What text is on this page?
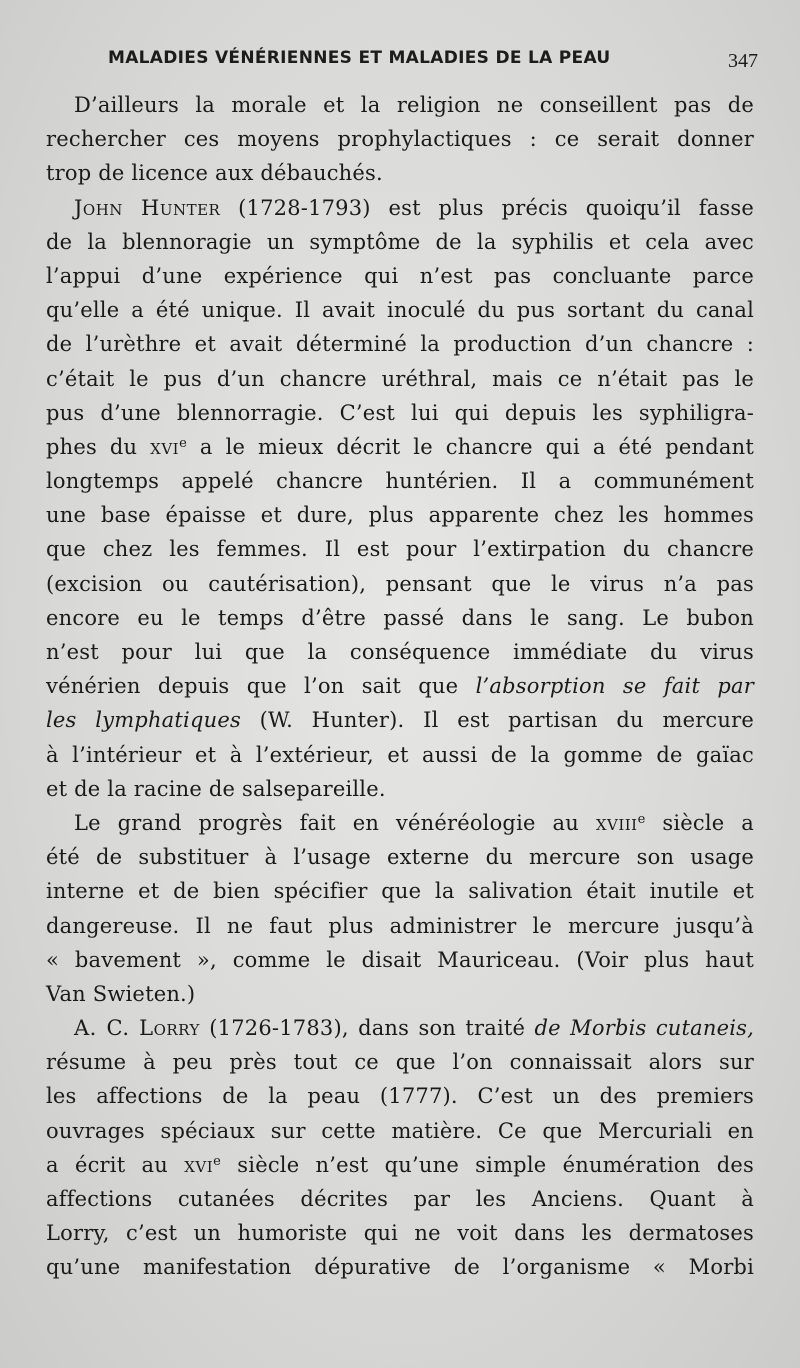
MALADIES VÉNÉRIENNES ET MALADIES DE LA PEAU	347

D’ailleurs la morale et la religion ne conseillent pas de
rechercher ces moyens prophylactiques : ce serait donner
trop de licence aux débauchés.

John Hunter (1728-1793) est plus précis quoiqu’il fasse
de la blennoragie un symptôme de la syphilis et cela avec
l’appui d’une expérience qui n’est pas concluante parce
qu’elle a été unique. Il avait inoculé du pus sortant du canal
de l’urèthre et avait déterminé la production d’un chancre :
c’était le pus d’un chancre uréthral, mais ce n’était pas le
pus d’une blennorragie. C’est lui qui depuis les syphiligra-
phes du xvi$^e$ a le mieux décrit le chancre qui a été pendant
longtemps appelé chancre huntérien. Il a communément
une base épaisse et dure, plus apparente chez les hommes
que chez les femmes. Il est pour l’extirpation du chancre
(excision ou cautérisation), pensant que le virus n’a pas
encore eu le temps d’être passé dans le sang. Le bubon
n’est pour lui que la conséquence immédiate du virus
vénérien depuis que l’on sait que l’absorption se fait par
les lymphatiques (W. Hunter). Il est partisan du mercure
à l’intérieur et à l’extérieur, et aussi de la gomme de gaïac
et de la racine de salsepareille.

Le grand progrès fait en vénéréologie au xviii$^e$ siècle a
été de substituer à l’usage externe du mercure son usage
interne et de bien spécifier que la salivation était inutile et
dangereuse. Il ne faut plus administrer le mercure jusqu’à
« bavement », comme le disait Mauriceau. (Voir plus haut
Van Swieten.)

A. C. Lorry (1726-1783), dans son traité de Morbis cutaneis,
résume à peu près tout ce que l’on connaissait alors sur
les affections de la peau (1777). C’est un des premiers
ouvrages spéciaux sur cette matière. Ce que Mercuriali en
a écrit au xvi$^e$ siècle n’est qu’une simple énumération des
affections cutanées décrites par les Anciens. Quant à
Lorry, c’est un humoriste qui ne voit dans les dermatoses
qu’une manifestation dépurative de l’organisme « Morbi
